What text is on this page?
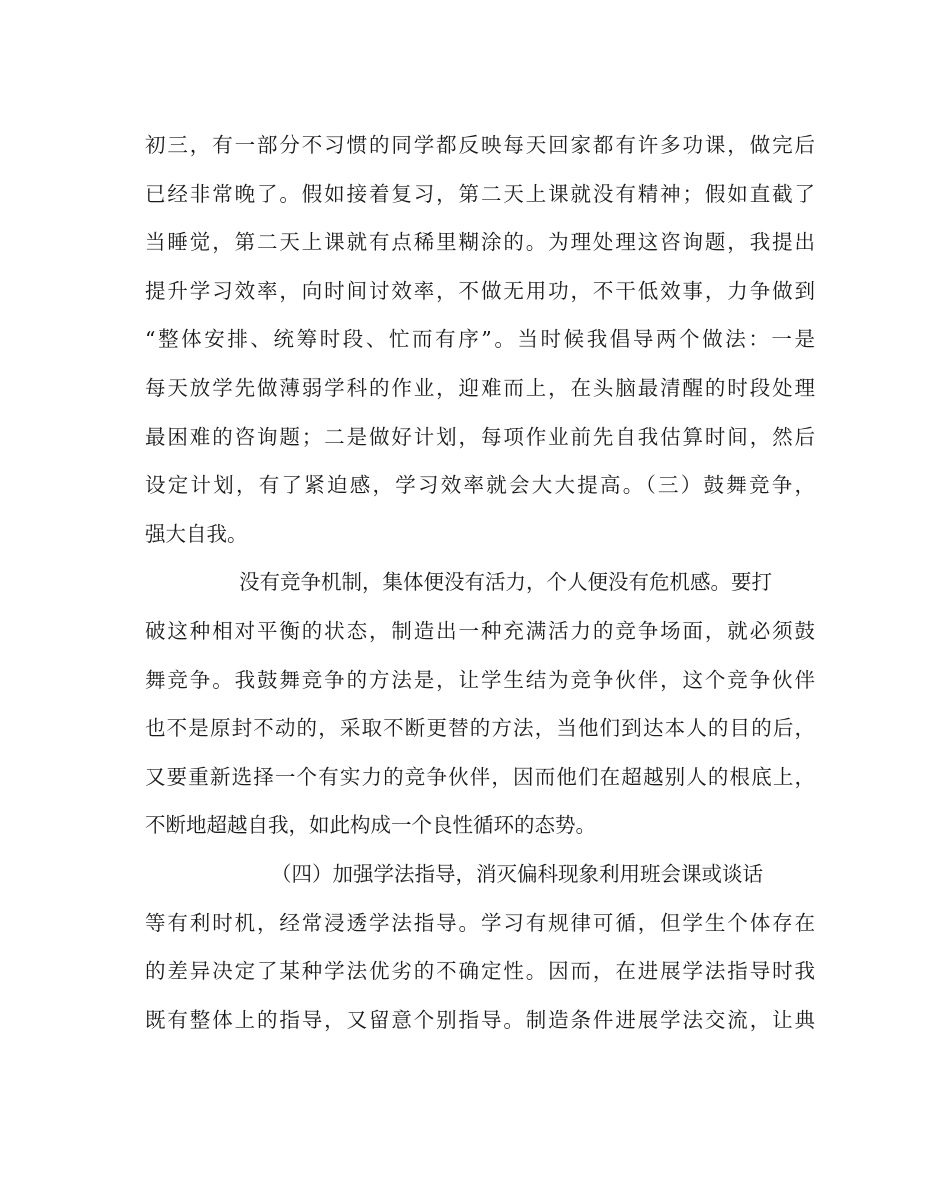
初三，有一部分不习惯的同学都反映每天回家都有许多功课，做完后
已经非常晚了。假如接着复习，第二天上课就没有精神；假如直截了
当睡觉，第二天上课就有点稀里糊涂的。为理处理这咨询题，我提出
提升学习效率，向时间讨效率，不做无用功，不干低效事，力争做到
“整体安排、统筹时段、忙而有序”。当时候我倡导两个做法：一是
每天放学先做薄弱学科的作业，迎难而上，在头脑最清醒的时段处理
最困难的咨询题；二是做好计划，每项作业前先自我估算时间，然后
设定计划，有了紧迫感，学习效率就会大大提高。（三）鼓舞竞争，
强大自我。
没有竞争机制，集体便没有活力，个人便没有危机感。要打
破这种相对平衡的状态，制造出一种充满活力的竞争场面，就必须鼓
舞竞争。我鼓舞竞争的方法是，让学生结为竞争伙伴，这个竞争伙伴
也不是原封不动的，采取不断更替的方法，当他们到达本人的目的后，
又要重新选择一个有实力的竞争伙伴，因而他们在超越别人的根底上，
不断地超越自我，如此构成一个良性循环的态势。
（四）加强学法指导，消灭偏科现象利用班会课或谈话
等有利时机，经常浸透学法指导。学习有规律可循，但学生个体存在
的差异决定了某种学法优劣的不确定性。因而，在进展学法指导时我
既有整体上的指导，又留意个别指导。制造条件进展学法交流，让典
